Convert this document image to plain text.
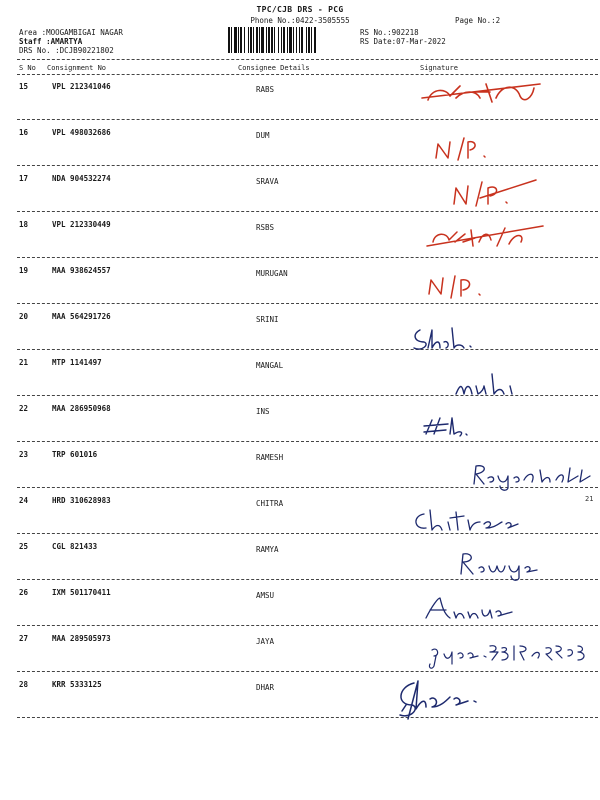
TPC/CJB DRS - PCG
Phone No.:0422-3505555	Page No.:2
Area :MOOGAMBIGAI NAGAR
Staff :AMARTYA
DRS No. :DCJB90221802
RS No.:902218
RS Date:07-Mar-2022
S No Consignment No	Consignee Details	Signature
15	VPL 212341046	RABS
16	VPL 498032686	DUM
17	NDA 904532274	SRAVA
18	VPL 212330449	RSBS
19	MAA 938624557	MURUGAN
20	MAA 564291726	SRINI
21	MTP 1141497	MANGAL
22	MAA 286950968	INS
23	TRP 601016	RAMESH
24	HRD 310628983	CHITRA
25	CGL 821433	RAMYA
26	IXM 501170411	AMSU
27	MAA 289505973	JAYA
28	KRR 5333125	DHAR
21
